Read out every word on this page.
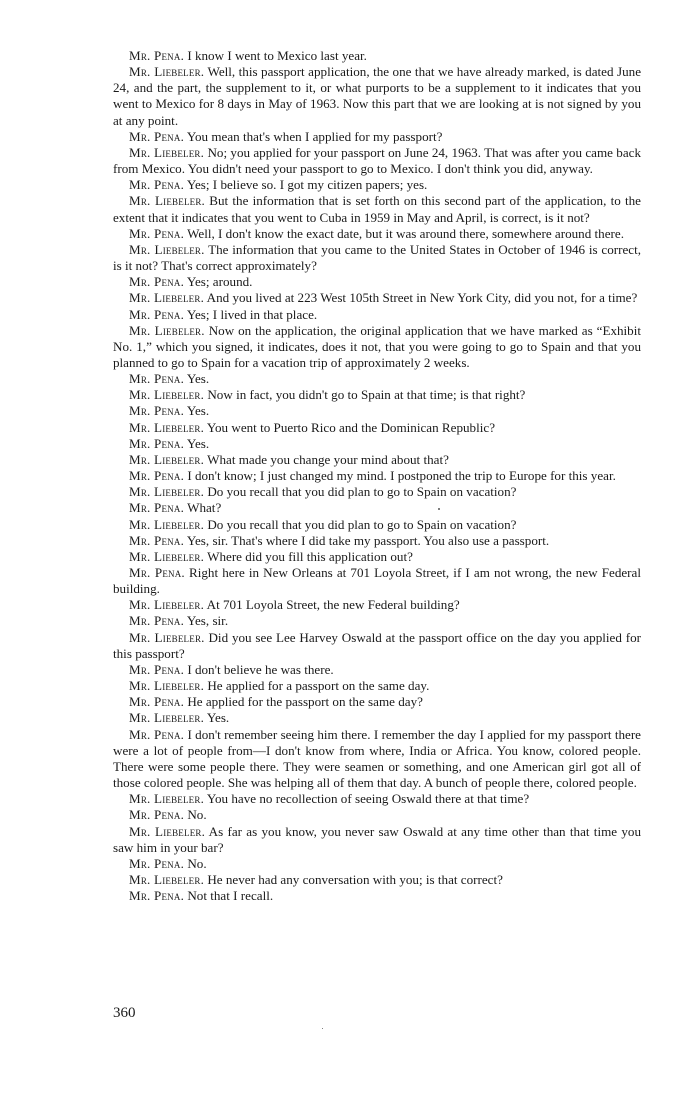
Mr. Pena. I know I went to Mexico last year.

Mr. Liebeler. Well, this passport application, the one that we have already marked, is dated June 24, and the part, the supplement to it, or what purports to be a supplement to it indicates that you went to Mexico for 8 days in May of 1963. Now this part that we are looking at is not signed by you at any point.

Mr. Pena. You mean that's when I applied for my passport?

Mr. Liebeler. No; you applied for your passport on June 24, 1963. That was after you came back from Mexico. You didn't need your passport to go to Mexico. I don't think you did, anyway.

Mr. Pena. Yes; I believe so. I got my citizen papers; yes.

Mr. Liebeler. But the information that is set forth on this second part of the application, to the extent that it indicates that you went to Cuba in 1959 in May and April, is correct, is it not?

Mr. Pena. Well, I don't know the exact date, but it was around there, somewhere around there.

Mr. Liebeler. The information that you came to the United States in October of 1946 is correct, is it not? That's correct approximately?

Mr. Pena. Yes; around.

Mr. Liebeler. And you lived at 223 West 105th Street in New York City, did you not, for a time?

Mr. Pena. Yes; I lived in that place.

Mr. Liebeler. Now on the application, the original application that we have marked as “Exhibit No. 1,” which you signed, it indicates, does it not, that you were going to go to Spain and that you planned to go to Spain for a vacation trip of approximately 2 weeks.

Mr. Pena. Yes.

Mr. Liebeler. Now in fact, you didn't go to Spain at that time; is that right?

Mr. Pena. Yes.

Mr. Liebeler. You went to Puerto Rico and the Dominican Republic?

Mr. Pena. Yes.

Mr. Liebeler. What made you change your mind about that?

Mr. Pena. I don't know; I just changed my mind. I postponed the trip to Europe for this year.

Mr. Liebeler. Do you recall that you did plan to go to Spain on vacation?

Mr. Pena. What?

Mr. Liebeler. Do you recall that you did plan to go to Spain on vacation?

Mr. Pena. Yes, sir. That's where I did take my passport. You also use a passport.

Mr. Liebeler. Where did you fill this application out?

Mr. Pena. Right here in New Orleans at 701 Loyola Street, if I am not wrong, the new Federal building.

Mr. Liebeler. At 701 Loyola Street, the new Federal building?

Mr. Pena. Yes, sir.

Mr. Liebeler. Did you see Lee Harvey Oswald at the passport office on the day you applied for this passport?

Mr. Pena. I don't believe he was there.

Mr. Liebeler. He applied for a passport on the same day.

Mr. Pena. He applied for the passport on the same day?

Mr. Liebeler. Yes.

Mr. Pena. I don't remember seeing him there. I remember the day I applied for my passport there were a lot of people from—I don't know from where, India or Africa. You know, colored people. There were some people there. They were seamen or something, and one American girl got all of those colored people. She was helping all of them that day. A bunch of people there, colored people.

Mr. Liebeler. You have no recollection of seeing Oswald there at that time?

Mr. Pena. No.

Mr. Liebeler. As far as you know, you never saw Oswald at any time other than that time you saw him in your bar?

Mr. Pena. No.

Mr. Liebeler. He never had any conversation with you; is that correct?

Mr. Pena. Not that I recall.

360
